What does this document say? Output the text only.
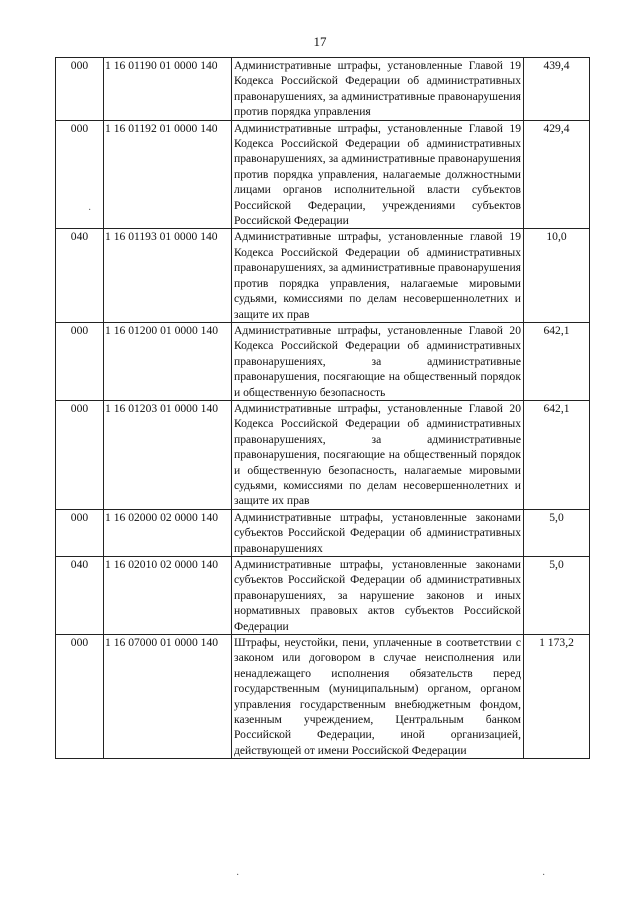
17
000	1 16 01190 01 0000 140	Административные штрафы, установленные Главой 19 Кодекса Российской Федерации об административных правонарушениях, за административные правонарушения против порядка управления	439,4
000	1 16 01192 01 0000 140	Административные штрафы, установленные Главой 19 Кодекса Российской Федерации об административных правонарушениях, за административные правонарушения против порядка управления, налагаемые должностными лицами органов исполнительной власти субъектов Российской Федерации, учреждениями субъектов Российской Федерации	429,4
040	1 16 01193 01 0000 140	Административные штрафы, установленные главой 19 Кодекса Российской Федерации об административных правонарушениях, за административные правонарушения против порядка управления, налагаемые мировыми судьями, комиссиями по делам несовершеннолетних и защите их прав	10,0
000	1 16 01200 01 0000 140	Административные штрафы, установленные Главой 20 Кодекса Российской Федерации об административных правонарушениях, за административные правонарушения, посягающие на общественный порядок и общественную безопасность	642,1
000	1 16 01203 01 0000 140	Административные штрафы, установленные Главой 20 Кодекса Российской Федерации об административных правонарушениях, за административные правонарушения, посягающие на общественный порядок и общественную безопасность, налагаемые мировыми судьями, комиссиями по делам несовершеннолетних и защите их прав	642,1
000	1 16 02000 02 0000 140	Административные штрафы, установленные законами субъектов Российской Федерации об административных правонарушениях	5,0
040	1 16 02010 02 0000 140	Административные штрафы, установленные законами субъектов Российской Федерации об административных правонарушениях, за нарушение законов и иных нормативных правовых актов субъектов Российской Федерации	5,0
000	1 16 07000 01 0000 140	Штрафы, неустойки, пени, уплаченные в соответствии с законом или договором в случае неисполнения или ненадлежащего исполнения обязательств перед государственным (муниципальным) органом, органом управления государственным внебюджетным фондом, казенным учреждением, Центральным банком Российской Федерации, иной организацией, действующей от имени Российской Федерации	1 173,2
·
·	·
